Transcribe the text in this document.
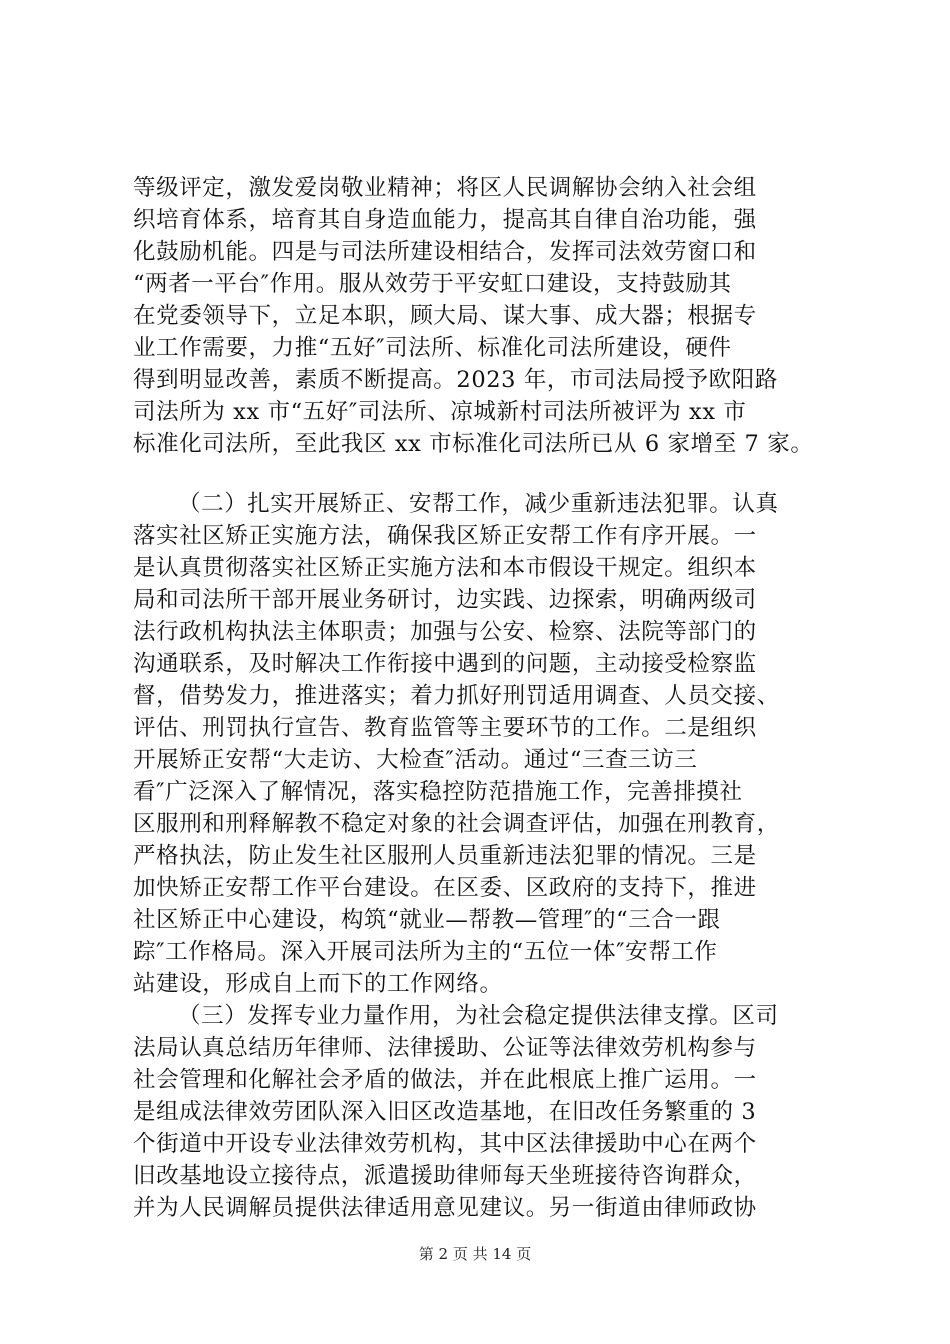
等级评定，激发爱岗敬业精神；将区人民调解协会纳入社会组
织培育体系，培育其自身造血能力，提高其自律自治功能，强
化鼓励机能。四是与司法所建设相结合，发挥司法效劳窗口和
“两者一平台″作用。服从效劳于平安虹口建设，支持鼓励其
在党委领导下，立足本职，顾大局、谋大事、成大器；根据专
业工作需要，力推“五好″司法所、标准化司法所建设，硬件
得到明显改善，素质不断提高。2023 年，市司法局授予欧阳路
司法所为 xx 市“五好″司法所、凉城新村司法所被评为 xx 市
标准化司法所，至此我区 xx 市标准化司法所已从 6 家增至 7 家。
（二）扎实开展矫正、安帮工作，减少重新违法犯罪。认真
落实社区矫正实施方法，确保我区矫正安帮工作有序开展。一
是认真贯彻落实社区矫正实施方法和本市假设干规定。组织本
局和司法所干部开展业务研讨，边实践、边探索，明确两级司
法行政机构执法主体职责；加强与公安、检察、法院等部门的
沟通联系，及时解决工作衔接中遇到的问题，主动接受检察监
督，借势发力，推进落实；着力抓好刑罚适用调查、人员交接、
评估、刑罚执行宣告、教育监管等主要环节的工作。二是组织
开展矫正安帮“大走访、大检查″活动。通过“三查三访三
看″广泛深入了解情况，落实稳控防范措施工作，完善排摸社
区服刑和刑释解教不稳定对象的社会调查评估，加强在刑教育，
严格执法，防止发生社区服刑人员重新违法犯罪的情况。三是
加快矫正安帮工作平台建设。在区委、区政府的支持下，推进
社区矫正中心建设，构筑“就业—帮教—管理″的“三合一跟
踪″工作格局。深入开展司法所为主的“五位一体″安帮工作
站建设，形成自上而下的工作网络。
（三）发挥专业力量作用，为社会稳定提供法律支撑。区司
法局认真总结历年律师、法律援助、公证等法律效劳机构参与
社会管理和化解社会矛盾的做法，并在此根底上推广运用。一
是组成法律效劳团队深入旧区改造基地，在旧改任务繁重的 3
个街道中开设专业法律效劳机构，其中区法律援助中心在两个
旧改基地设立接待点，派遣援助律师每天坐班接待咨询群众，
并为人民调解员提供法律适用意见建议。另一街道由律师政协
第 2 页 共 14 页
